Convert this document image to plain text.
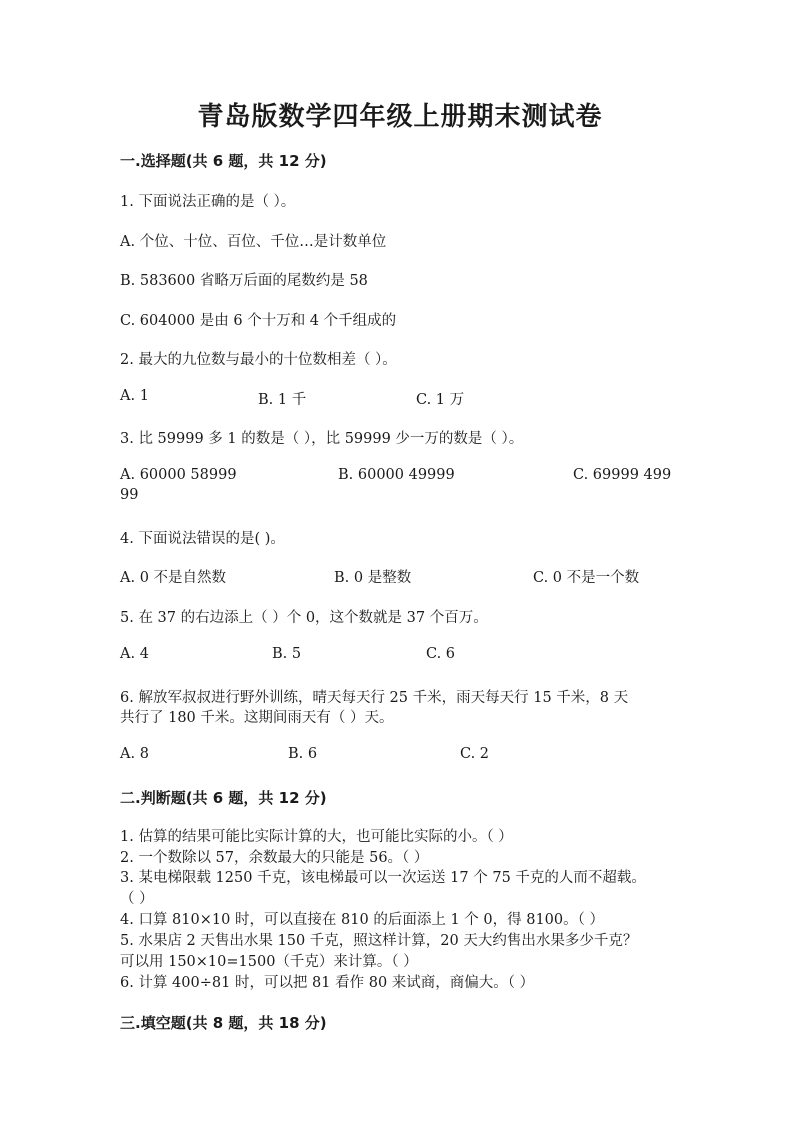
青岛版数学四年级上册期末测试卷
一.选择题(共 6 题，共 12 分)
1. 下面说法正确的是（ ）。
A. 个位、十位、百位、千位…是计数单位
B. 583600 省略万后面的尾数约是 58
C. 604000 是由 6 个十万和 4 个千组成的
2. 最大的九位数与最小的十位数相差（ ）。
A. 1	B. 1 千	C. 1 万
3. 比 59999 多 1 的数是（ ），比 59999 少一万的数是（ ）。
A. 60000 58999	B. 60000 49999	C. 69999 499
99
4. 下面说法错误的是( )。
A. 0 不是自然数	B. 0 是整数	C. 0 不是一个数
5. 在 37 的右边添上（ ）个 0，这个数就是 37 个百万。
A. 4	B. 5	C. 6
6. 解放军叔叔进行野外训练，晴天每天行 25 千米，雨天每天行 15 千米，8 天
共行了 180 千米。这期间雨天有（ ）天。
A. 8	B. 6	C. 2
二.判断题(共 6 题，共 12 分)
1. 估算的结果可能比实际计算的大，也可能比实际的小。（ ）
2. 一个数除以 57，余数最大的只能是 56。（ ）
3. 某电梯限载 1250 千克，该电梯最可以一次运送 17 个 75 千克的人而不超载。
（ ）
4. 口算 810×10 时，可以直接在 810 的后面添上 1 个 0，得 8100。（ ）
5. 水果店 2 天售出水果 150 千克，照这样计算，20 天大约售出水果多少千克？
可以用 150×10=1500（千克）来计算。（ ）
6. 计算 400÷81 时，可以把 81 看作 80 来试商，商偏大。（ ）
三.填空题(共 8 题，共 18 分)
